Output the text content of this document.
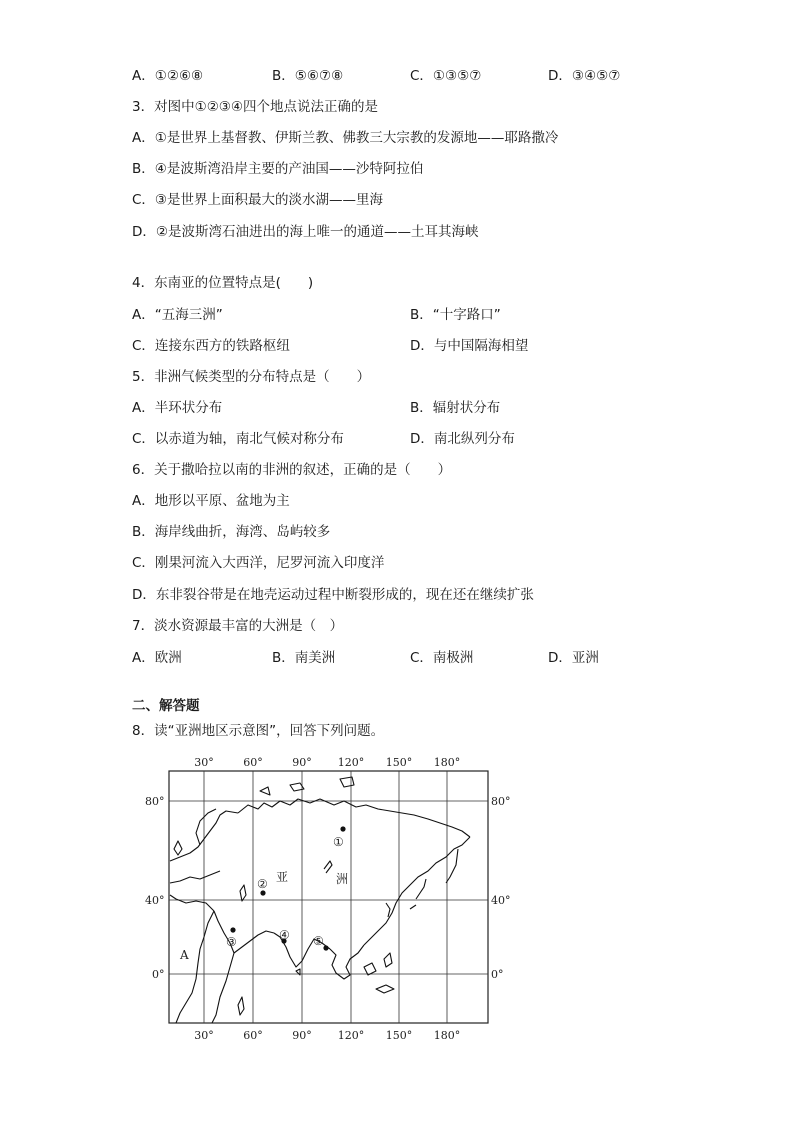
A．①②⑥⑧	B．⑤⑥⑦⑧	C．①③⑤⑦	D．③④⑤⑦
3．对图中①②③④四个地点说法正确的是
A．①是世界上基督教、伊斯兰教、佛教三大宗教的发源地——耶路撒冷
B．④是波斯湾沿岸主要的产油国——沙特阿拉伯
C．③是世界上面积最大的淡水湖——里海
D．②是波斯湾石油进出的海上唯一的通道——土耳其海峡
4．东南亚的位置特点是(　　)
A．“五海三洲”	B．“十字路口”
C．连接东西方的铁路枢纽	D．与中国隔海相望
5．非洲气候类型的分布特点是（　　）
A．半环状分布	B．辐射状分布
C．以赤道为轴，南北气候对称分布	D．南北纵列分布
6．关于撒哈拉以南的非洲的叙述，正确的是（　　）
A．地形以平原、盆地为主
B．海岸线曲折，海湾、岛屿较多
C．刚果河流入大西洋，尼罗河流入印度洋
D．东非裂谷带是在地壳运动过程中断裂形成的，现在还在继续扩张
7．淡水资源最丰富的大洲是（　）
A．欧洲	B．南美洲	C．南极洲	D．亚洲
二、解答题
8．读“亚洲地区示意图”，回答下列问题。
30°	60°	90° 120° 150° 180°
30°	60°	90° 120° 150° 180°
80°
40°
0°
80°
40°
0°
亚	洲
A
①
②
③	④ ⑤
